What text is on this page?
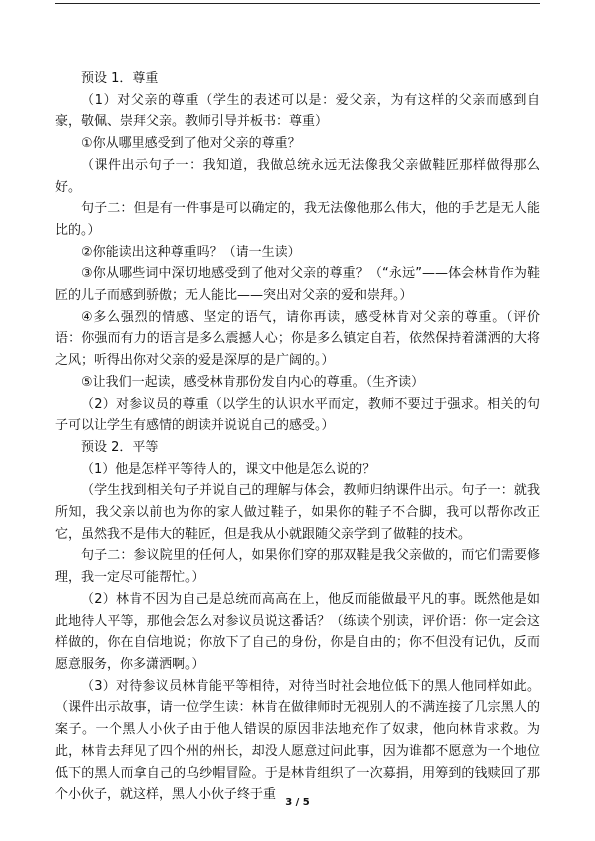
预设 1．尊重

（1）对父亲的尊重（学生的表述可以是：爱父亲，为有这样的父亲而感到自豪，敬佩、崇拜父亲。教师引导并板书：尊重）

①你从哪里感受到了他对父亲的尊重？

（课件出示句子一：我知道，我做总统永远无法像我父亲做鞋匠那样做得那么好。

句子二：但是有一件事是可以确定的，我无法像他那么伟大，他的手艺是无人能比的。）

②你能读出这种尊重吗？（请一生读）

③你从哪些词中深切地感受到了他对父亲的尊重？（“永远”——体会林肯作为鞋匠的儿子而感到骄傲；无人能比——突出对父亲的爱和崇拜。）

④多么强烈的情感、坚定的语气，请你再读，感受林肯对父亲的尊重。（评价语：你强而有力的语言是多么震撼人心；你是多么镇定自若，依然保持着潇洒的大将之风；听得出你对父亲的爱是深厚的是广阔的。）

⑤让我们一起读，感受林肯那份发自内心的尊重。（生齐读）

（2）对参议员的尊重（以学生的认识水平而定，教师不要过于强求。相关的句子可以让学生有感情的朗读并说说自己的感受。）

预设 2．平等

（1）他是怎样平等待人的，课文中他是怎么说的？

（学生找到相关句子并说自己的理解与体会，教师归纳课件出示。句子一：就我所知，我父亲以前也为你的家人做过鞋子，如果你的鞋子不合脚，我可以帮你改正它，虽然我不是伟大的鞋匠，但是我从小就跟随父亲学到了做鞋的技术。

句子二：参议院里的任何人，如果你们穿的那双鞋是我父亲做的，而它们需要修理，我一定尽可能帮忙。）

（2）林肯不因为自己是总统而高高在上，他反而能做最平凡的事。既然他是如此地待人平等，那他会怎么对参议员说这番话？（练读个别读，评价语：你一定会这样做的，你在自信地说；你放下了自己的身份，你是自由的；你不但没有记仇，反而愿意服务，你多潇洒啊。）

（3）对待参议员林肯能平等相待，对待当时社会地位低下的黑人他同样如此。（课件出示故事，请一位学生读：林肯在做律师时无视别人的不满连接了几宗黑人的案子。一个黑人小伙子由于他人错误的原因非法地充作了奴隶，他向林肯求救。为此，林肯去拜见了四个州的州长，却没人愿意过问此事，因为谁都不愿意为一个地位低下的黑人而拿自己的乌纱帽冒险。于是林肯组织了一次募捐，用筹到的钱赎回了那个小伙子，就这样，黑人小伙子终于重

3 / 5
